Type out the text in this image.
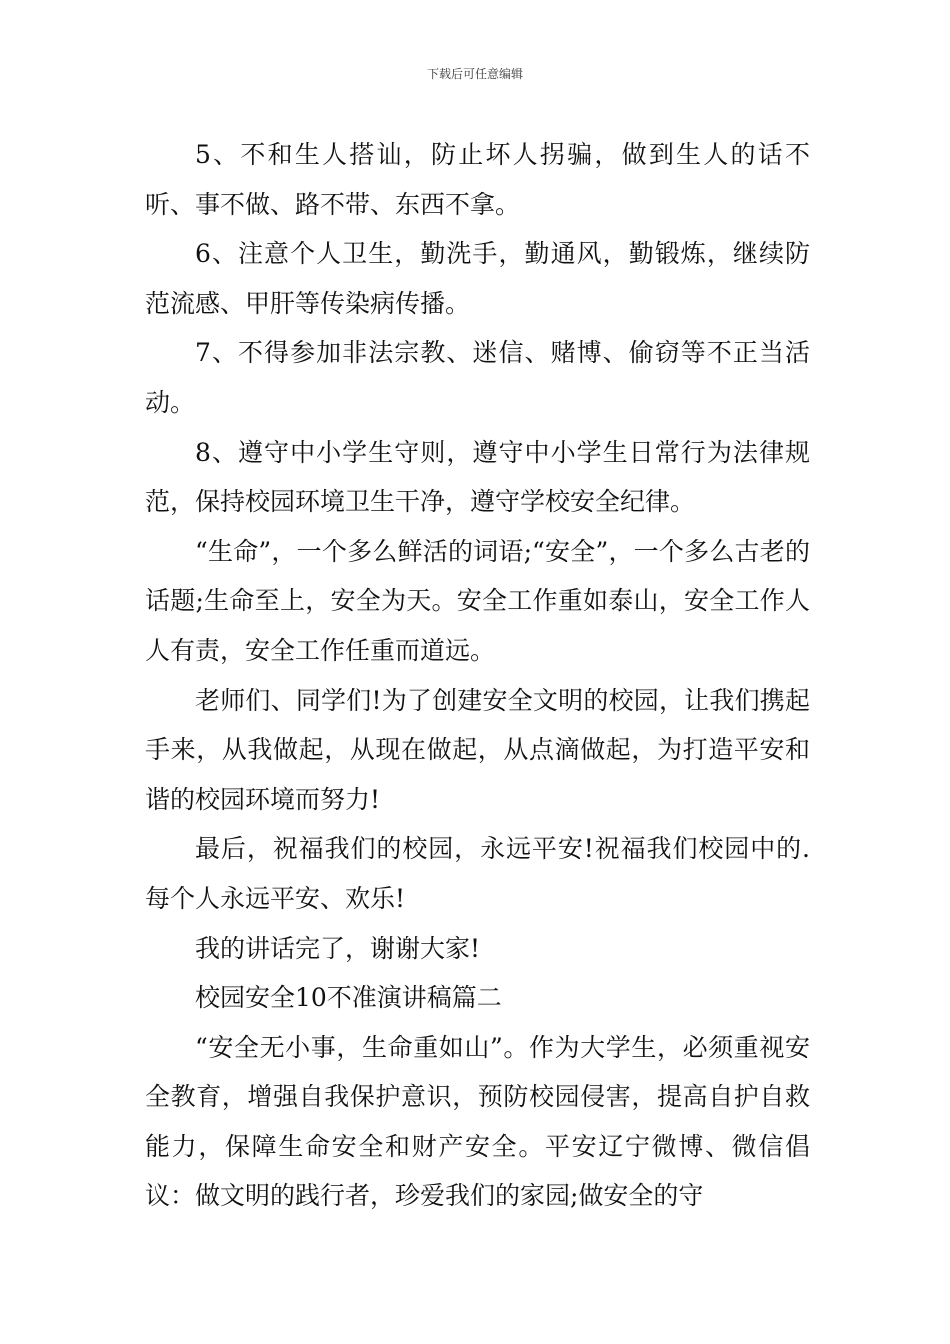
下载后可任意编辑

5、不和生人搭讪，防止坏人拐骗，做到生人的话不听、事不做、路不带、东西不拿。

6、注意个人卫生，勤洗手，勤通风，勤锻炼，继续防范流感、甲肝等传染病传播。

7、不得参加非法宗教、迷信、赌博、偷窃等不正当活动。

8、遵守中小学生守则，遵守中小学生日常行为法律规范，保持校园环境卫生干净，遵守学校安全纪律。

“生命”，一个多么鲜活的词语;“安全”，一个多么古老的话题;生命至上，安全为天。安全工作重如泰山，安全工作人人有责，安全工作任重而道远。

老师们、同学们!为了创建安全文明的校园，让我们携起手来，从我做起，从现在做起，从点滴做起，为打造平安和谐的校园环境而努力!

最后，祝福我们的校园，永远平安!祝福我们校园中的.每个人永远平安、欢乐!

我的讲话完了，谢谢大家!

校园安全10不准演讲稿篇二

“安全无小事，生命重如山”。作为大学生，必须重视安全教育，增强自我保护意识，预防校园侵害，提高自护自救能力，保障生命安全和财产安全。平安辽宁微博、微信倡议：做文明的践行者，珍爱我们的家园;做安全的守
